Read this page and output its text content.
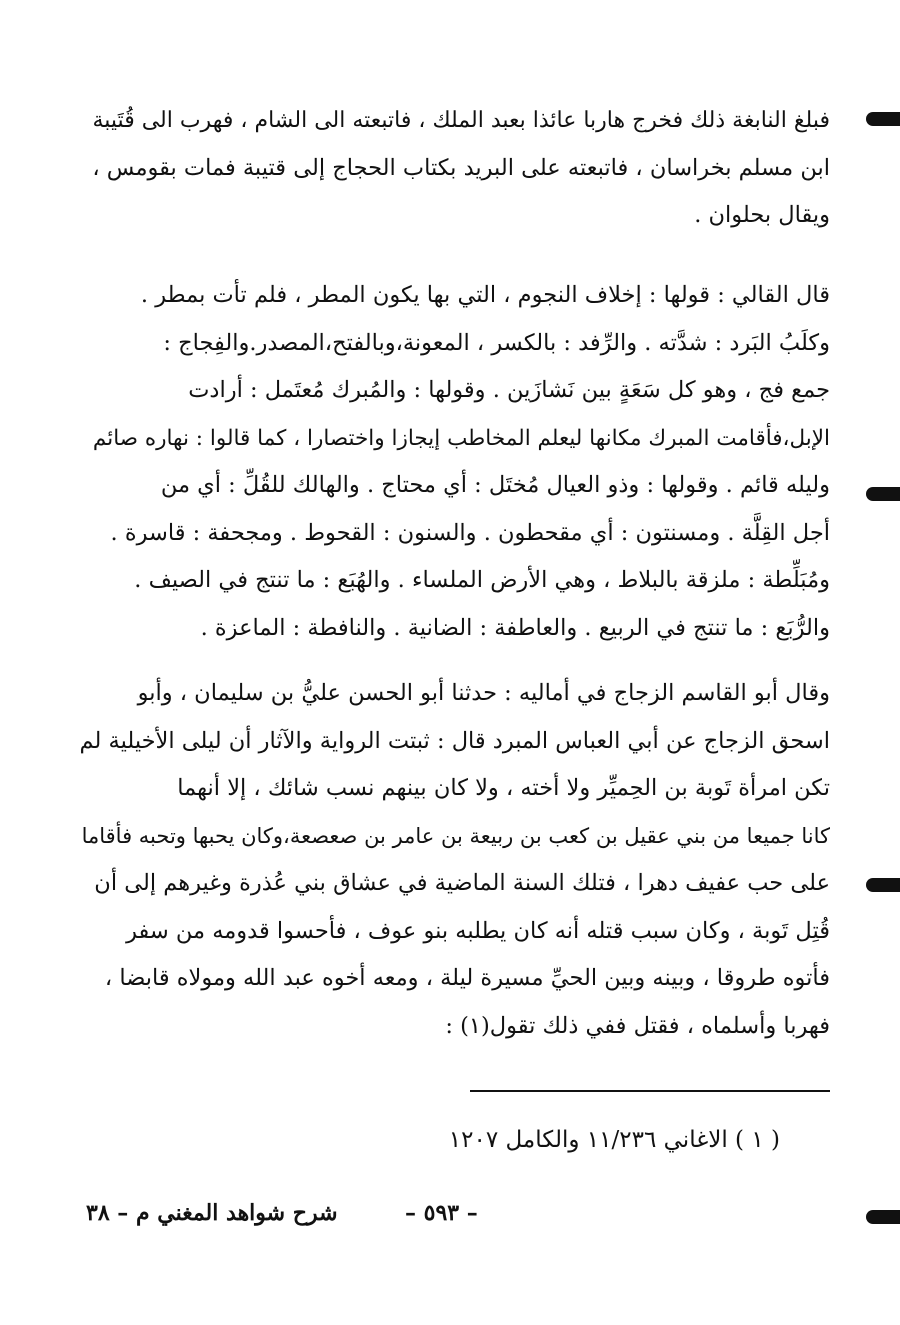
فبلغ النابغة ذلك فخرج هاربا عائذا بعبد الملك ، فاتبعته الى الشام ، فهرب الى قُتَيبة
ابن مسلم بخراسان ، فاتبعته على البريد بكتاب الحجاج إلى قتيبة فمات بقومس ،
ويقال بحلوان .

قال القالي : قولها : إخلاف النجوم ، التي بها يكون المطر ، فلم تأت بمطر .
وكلَبُ البَرد : شدَّته . والرِّفد : بالكسر ، المعونة،وبالفتح،المصدر.والفِجاج :
جمع فج ، وهو كل سَعَةٍ بين نَشازَين . وقولها : والمُبرك مُعتَمل : أرادت
الإبل،فأقامت المبرك مكانها ليعلم المخاطب إيجازا واختصارا ، كما قالوا : نهاره صائم
وليله قائم . وقولها : وذو العيال مُختَل : أي محتاج . والهالك للقُلِّ : أي من
أجل القِلَّة . ومسنتون : أي مقحطون . والسنون : القحوط . ومجحفة : قاسرة .
ومُبَلِّطة : ملزقة بالبلاط ، وهي الأرض الملساء . والهُبَع : ما تنتج في الصيف .
والرُّبَع : ما تنتج في الربيع . والعاطفة : الضانية . والنافطة : الماعزة .

وقال أبو القاسم الزجاج في أماليه : حدثنا أبو الحسن عليُّ بن سليمان ، وأبو
اسحق الزجاج عن أبي العباس المبرد قال : ثبتت الرواية والآثار أن ليلى الأخيلية لم
تكن امرأة تَوبة بن الحِميِّر ولا أخته ، ولا كان بينهم نسب شائك ، إلا أنهما
كانا جميعا من بني عقيل بن كعب بن ربيعة بن عامر بن صعصعة،وكان يحبها وتحبه فأقاما
على حب عفيف دهرا ، فتلك السنة الماضية في عشاق بني عُذرة وغيرهم إلى أن
قُتِل تَوبة ، وكان سبب قتله أنه كان يطلبه بنو عوف ، فأحسوا قدومه من سفر
فأتوه طروقا ، وبينه وبين الحيِّ مسيرة ليلة ، ومعه أخوه عبد الله ومولاه قابضا ،
فهربا وأسلماه ، فقتل ففي ذلك تقول(١) :

( ١ ) الاغاني ١١/٢٣٦ والكامل ١٢٠٧
شرح شواهد المغني م – ٣٨	– ٥٩٣ –
